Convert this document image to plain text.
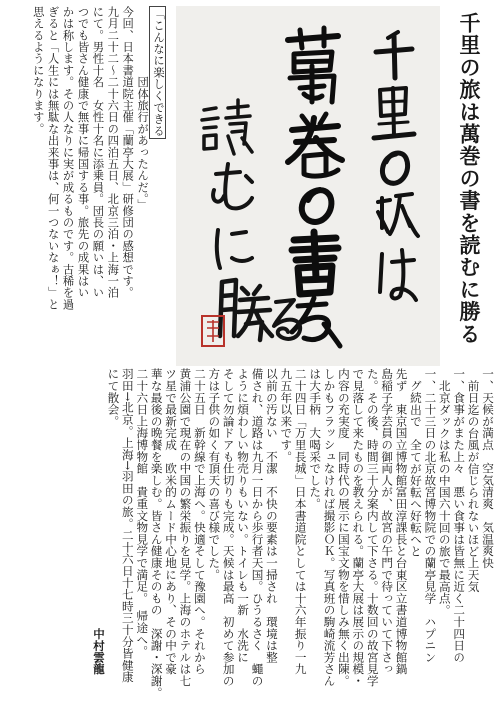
「こんなに楽しくできる
　　　　　　団体旅行があったんだ。」
今回、日本書道院主催「蘭亭大展」研修団の感想です。
九月二十二～二十六日の四泊五日、北京三泊・上海一泊
にて。男性十名　女性十名に添乗員。団長の願いは、い
つでも皆さん健康で無事に帰国する事。旅先の成果はい
かは称します。その人なりに実が成るものです。古稀を過
ぎると「人生には無駄な出来事は、何一つないなぁ！」と
思えるようになります。	千里の旅は萬巻の書を読むに勝る
一、天候が満点　空気清爽　気温爽快
前日迄の台風が信じられないほど上天気
一、食事がまた上々　悪い食事は皆無に近く二十四日の
北京ダックは私の中国六十回の旅で最高点。
一、二十三日の北京故宮博物院での蘭亭見学　ハプニン
グ続出で　全てが好転へ好転へと
先ず　東京国立博物館富田淳課長と台東区立書道博物館鍋
島稲子学芸員の御両人が、故宮の午門で待っていて下さっ
た。その後、時間三十分案内して下さる。十数回の故宮見学
で見落して来たものを教えられる。蘭亭大展は展示の規模・
内容の充実度　同時代の展示に国宝文物を惜しみ無く出陳。
しかもフラッシュなければ撮影ＯＫ。写真班の駒崎流芳さん
は大手柄　大喝采でした。
二十四日「万里長城」日本書道院としては十六年振り一九
九五年以来です。
以前の汚ない　不潔　不快の要素は一掃され　環境は整
備され、道路は九月一日から歩行者天国。ひうるさく　蠅の
ように煩わしい物売りもいない。トイレも一新　水洗に
そして勿論ドアも仕切りも完成。天候は最高　初めて参加の
方は子供の如く有頂天の喜び様でした。
二十五日　新幹線で上海へ。快適そして豫園へ。それから
黄浦公園で現在の中国の繁栄振りを見学。上海のホテルは七
ツ星で最新完成　欧米的ムード中心地にあり、その中で豪
華な最後の晩餐を楽しむ。皆さん健康そのもの　深謝・深謝。
二十六日上海博物館　貴重文物見学で満足。　帰途へ。
羽田→北京。上海→羽田の旅。二十六日十七時三十分皆健康
にて散会。
中村雲龍
